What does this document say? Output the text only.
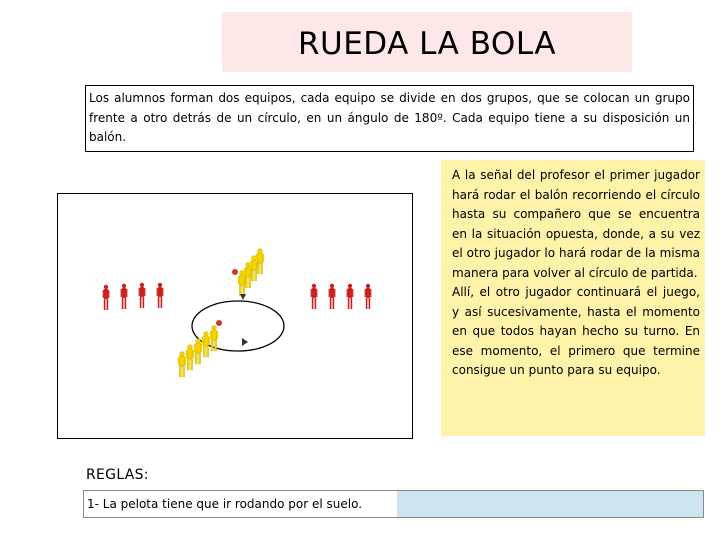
RUEDA LA BOLA
Los alumnos forman dos equipos, cada equipo se divide en dos grupos, que se colocan un grupo frente a otro detrás de un círculo, en un ángulo de 180º. Cada equipo tiene a su disposición un balón.

A la señal del profesor el primer jugador hará rodar el balón recorriendo el círculo hasta su compañero que se encuentra en la situación opuesta, donde, a su vez el otro jugador lo hará rodar de la misma manera para volver al círculo de partida.

Allí, el otro jugador continuará el juego, y así sucesivamente, hasta el momento en que todos hayan hecho su turno. En ese momento, el primero que termine consigue un punto para su equipo.

REGLAS:
1- La pelota tiene que ir rodando por el suelo.
